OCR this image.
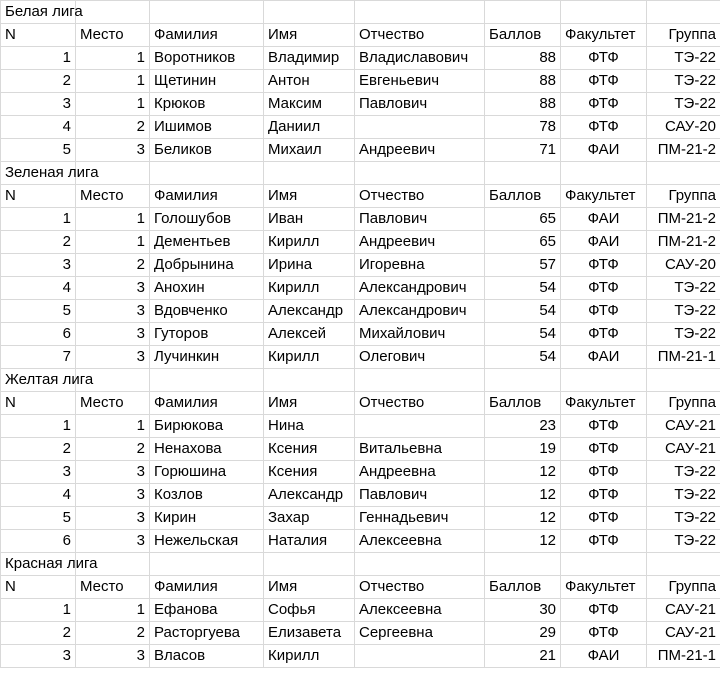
Белая лига							
N	Место	Фамилия	Имя	Отчество	Баллов	Факультет	Группа
1	1	Воротников	Владимир	Владиславович	88	ФТФ	ТЭ-22
2	1	Щетинин	Антон	Евгеньевич	88	ФТФ	ТЭ-22
3	1	Крюков	Максим	Павлович	88	ФТФ	ТЭ-22
4	2	Ишимов	Даниил		78	ФТФ	САУ-20
5	3	Беликов	Михаил	Андреевич	71	ФАИ	ПМ-21-2
Зеленая лига							
N	Место	Фамилия	Имя	Отчество	Баллов	Факультет	Группа
1	1	Голошубов	Иван	Павлович	65	ФАИ	ПМ-21-2
2	1	Дементьев	Кирилл	Андреевич	65	ФАИ	ПМ-21-2
3	2	Добрынина	Ирина	Игоревна	57	ФТФ	САУ-20
4	3	Анохин	Кирилл	Александрович	54	ФТФ	ТЭ-22
5	3	Вдовченко	Александр	Александрович	54	ФТФ	ТЭ-22
6	3	Гуторов	Алексей	Михайлович	54	ФТФ	ТЭ-22
7	3	Лучинкин	Кирилл	Олегович	54	ФАИ	ПМ-21-1
Желтая лига							
N	Место	Фамилия	Имя	Отчество	Баллов	Факультет	Группа
1	1	Бирюкова	Нина		23	ФТФ	САУ-21
2	2	Ненахова	Ксения	Витальевна	19	ФТФ	САУ-21
3	3	Горюшина	Ксения	Андреевна	12	ФТФ	ТЭ-22
4	3	Козлов	Александр	Павлович	12	ФТФ	ТЭ-22
5	3	Кирин	Захар	Геннадьевич	12	ФТФ	ТЭ-22
6	3	Нежельская	Наталия	Алексеевна	12	ФТФ	ТЭ-22
Красная лига							
N	Место	Фамилия	Имя	Отчество	Баллов	Факультет	Группа
1	1	Ефанова	Софья	Алексеевна	30	ФТФ	САУ-21
2	2	Расторгуева	Елизавета	Сергеевна	29	ФТФ	САУ-21
3	3	Власов	Кирилл		21	ФАИ	ПМ-21-1
